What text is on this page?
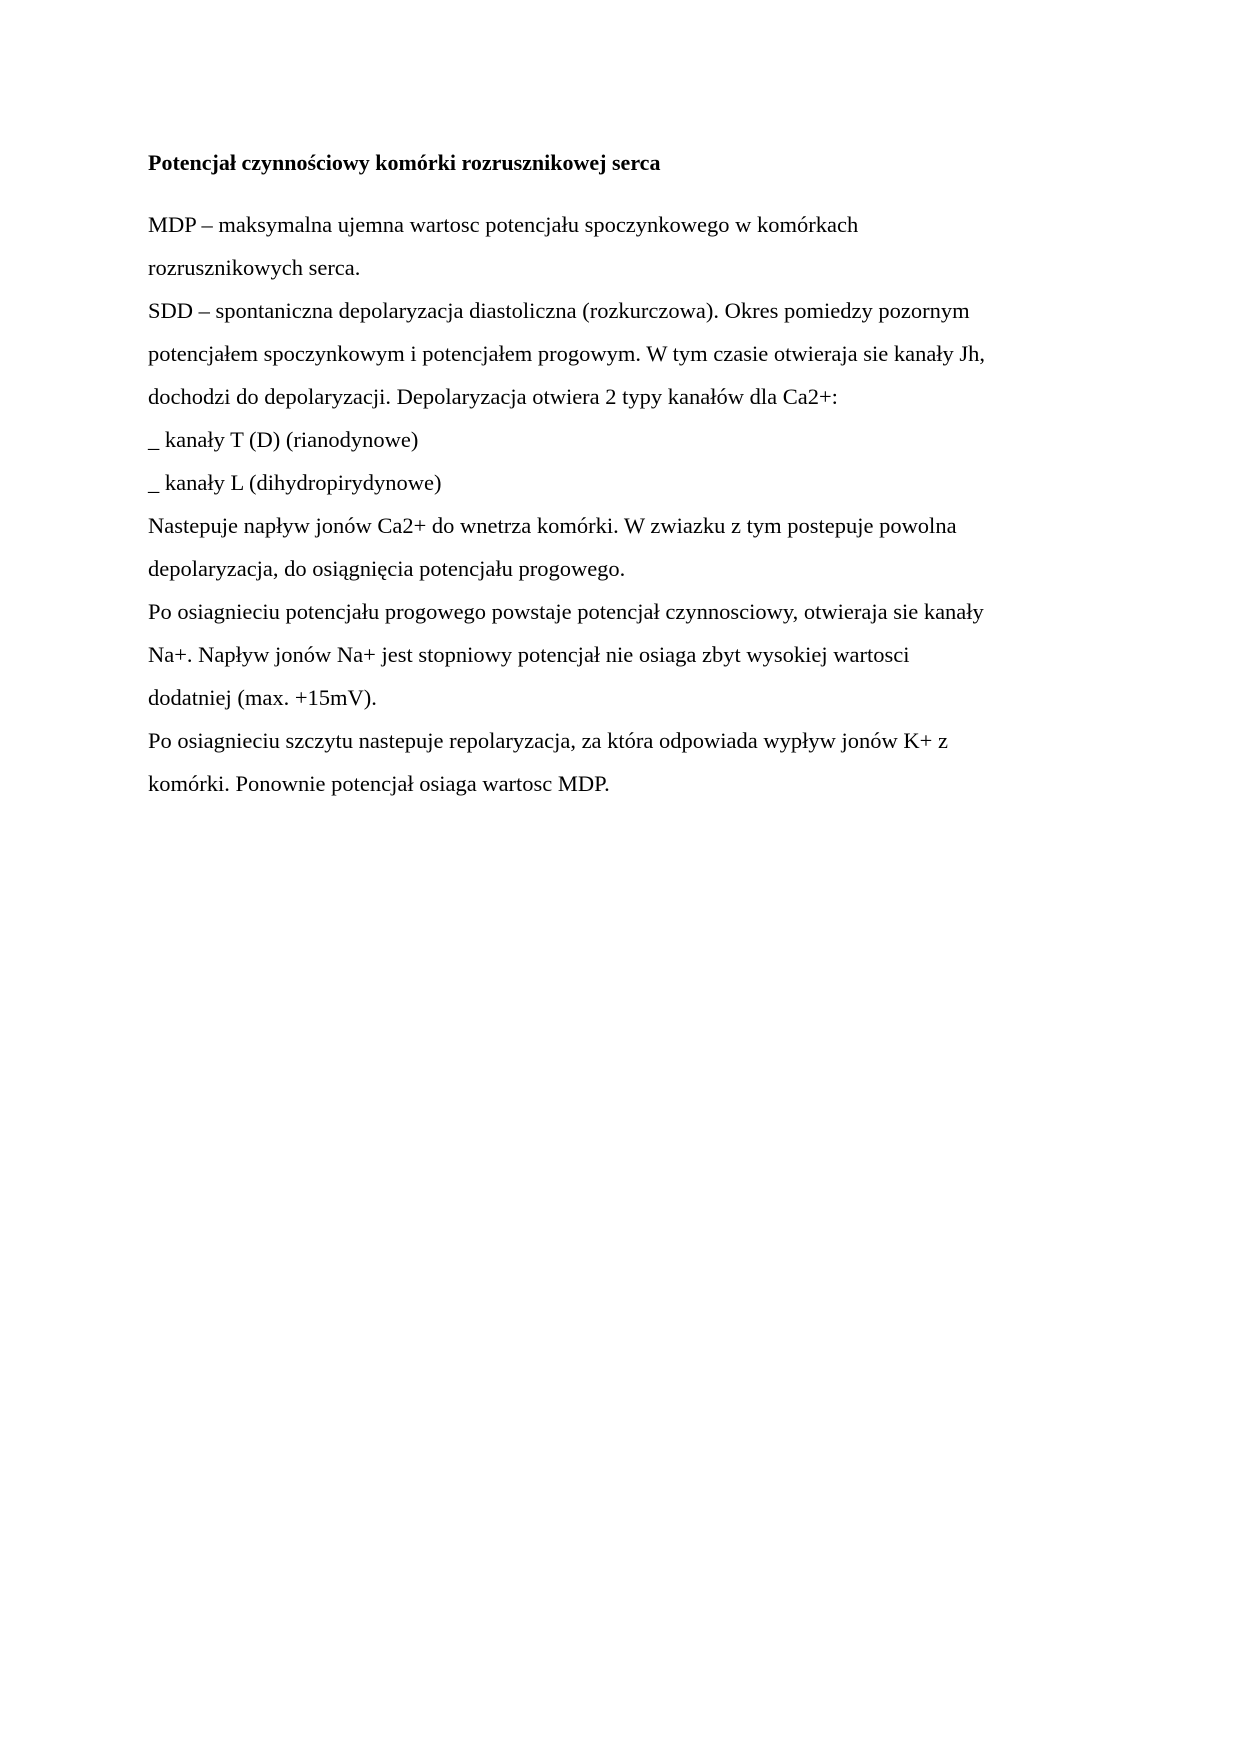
Potencjał czynnościowy komórki rozrusznikowej serca
MDP – maksymalna ujemna wartosc potencjału spoczynkowego w komórkach
rozrusznikowych serca.
SDD – spontaniczna depolaryzacja diastoliczna (rozkurczowa). Okres pomiedzy pozornym
potencjałem spoczynkowym i potencjałem progowym. W tym czasie otwieraja sie kanały Jh,
dochodzi do depolaryzacji. Depolaryzacja otwiera 2 typy kanałów dla Ca2+:
_ kanały T (D) (rianodynowe)
_ kanały L (dihydropirydynowe)
Nastepuje napływ jonów Ca2+ do wnetrza komórki. W zwiazku z tym postepuje powolna
depolaryzacja, do osiągnięcia potencjału progowego.
Po osiagnieciu potencjału progowego powstaje potencjał czynnosciowy, otwieraja sie kanały
Na+. Napływ jonów Na+ jest stopniowy potencjał nie osiaga zbyt wysokiej wartosci
dodatniej (max. +15mV).
Po osiagnieciu szczytu nastepuje repolaryzacja, za która odpowiada wypływ jonów K+ z
komórki. Ponownie potencjał osiaga wartosc MDP.
